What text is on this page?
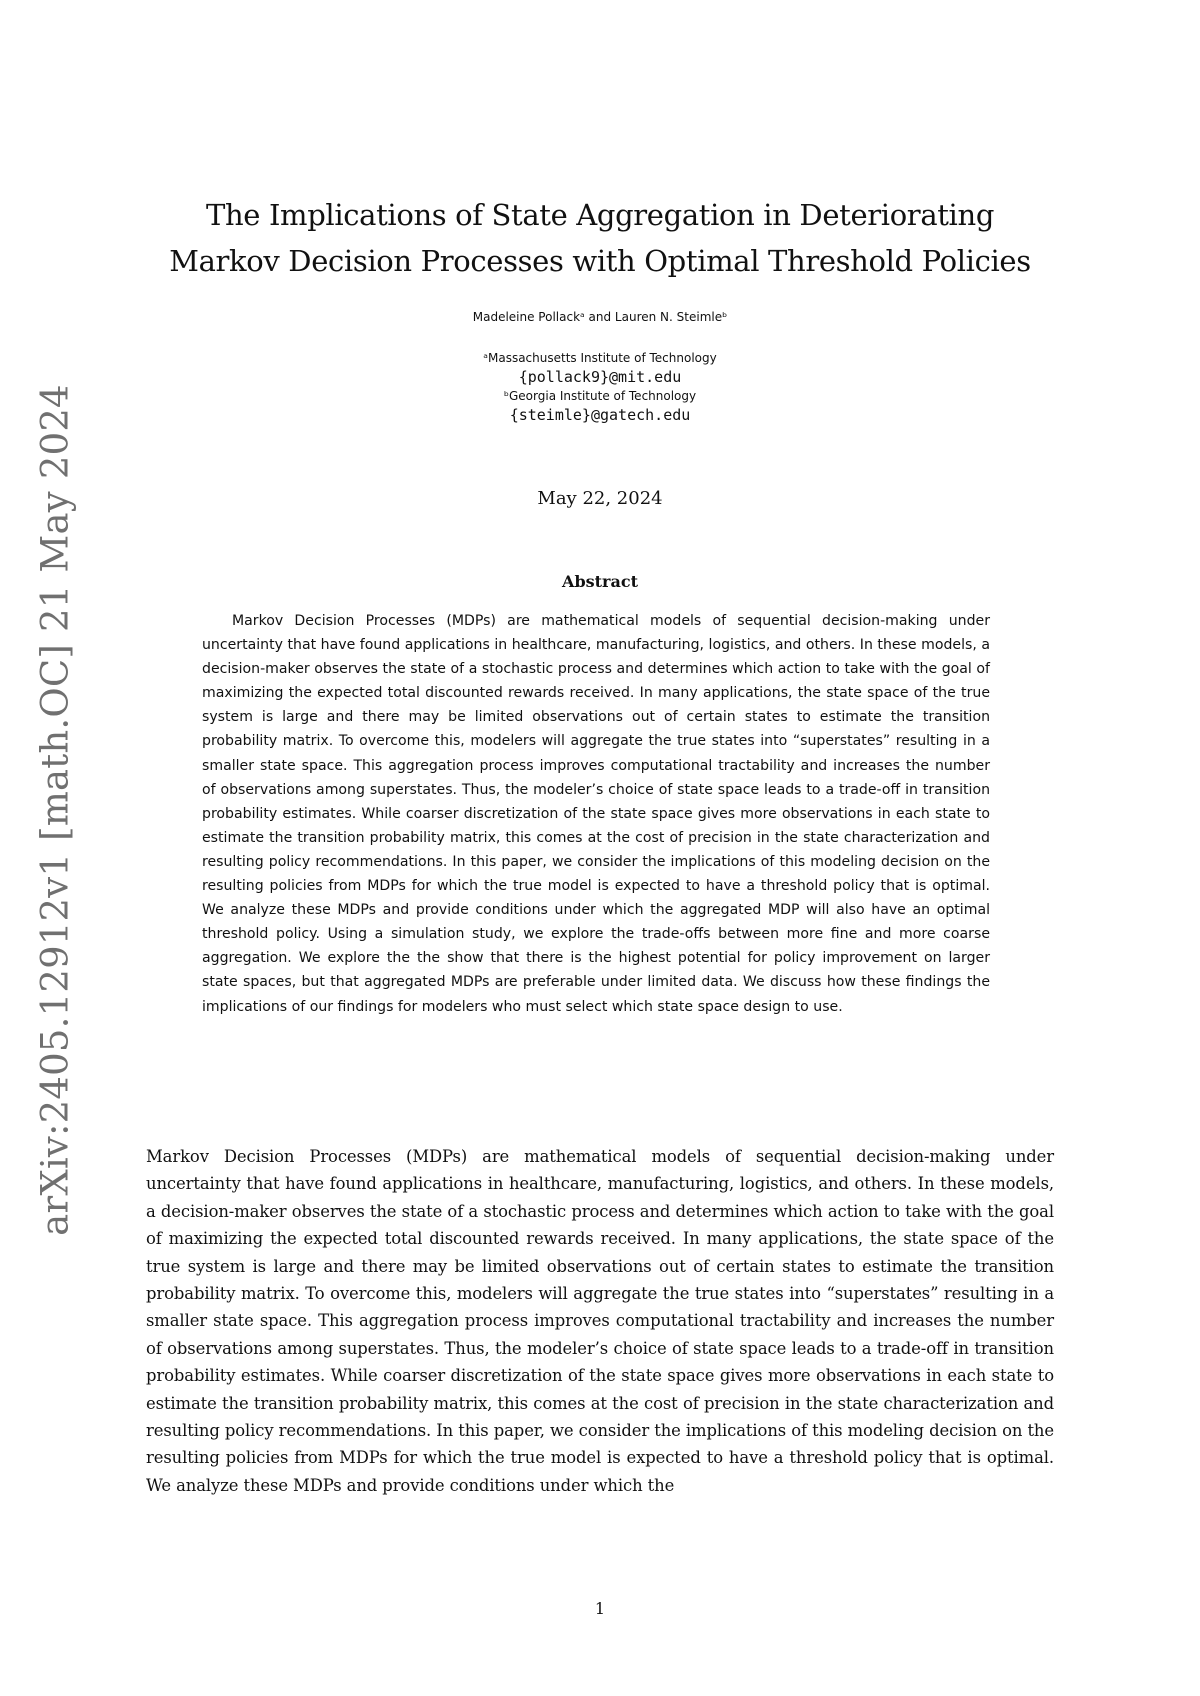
arXiv:2405.12912v1 [math.OC] 21 May 2024
The Implications of State Aggregation in Deteriorating
Markov Decision Processes with Optimal Threshold Policies
Madeleine Pollackᵃ and Lauren N. Steimleᵇ
ᵃMassachusetts Institute of Technology
{pollack9}@mit.edu
ᵇGeorgia Institute of Technology
{steimle}@gatech.edu
May 22, 2024
Abstract

Markov Decision Processes (MDPs) are mathematical models of sequential decision-making under uncertainty that have found applications in healthcare, manufacturing, logistics, and others. In these models, a decision-maker observes the state of a stochastic process and determines which action to take with the goal of maximizing the expected total discounted rewards received. In many applications, the state space of the true system is large and there may be limited observations out of certain states to estimate the transition probability matrix. To overcome this, modelers will aggregate the true states into “superstates” resulting in a smaller state space. This aggregation process improves computational tractability and increases the number of observations among superstates. Thus, the modeler’s choice of state space leads to a trade-off in transition probability estimates. While coarser discretization of the state space gives more observations in each state to estimate the transition probability matrix, this comes at the cost of precision in the state characterization and resulting policy recommendations. In this paper, we consider the implications of this modeling decision on the resulting policies from MDPs for which the true model is expected to have a threshold policy that is optimal. We analyze these MDPs and provide conditions under which the aggregated MDP will also have an optimal threshold policy. Using a simulation study, we explore the trade-offs between more fine and more coarse aggregation. We explore the the show that there is the highest potential for policy improvement on larger state spaces, but that aggregated MDPs are preferable under limited data. We discuss how these findings the implications of our findings for modelers who must select which state space design to use.

Markov Decision Processes (MDPs) are mathematical models of sequential decision-making under uncertainty that have found applications in healthcare, manufacturing, logistics, and others. In these models, a decision-maker observes the state of a stochastic process and determines which action to take with the goal of maximizing the expected total discounted rewards received. In many applications, the state space of the true system is large and there may be limited observations out of certain states to estimate the transition probability matrix. To overcome this, modelers will aggregate the true states into “superstates” resulting in a smaller state space. This aggregation process improves computational tractability and increases the number of observations among superstates. Thus, the modeler’s choice of state space leads to a trade-off in transition probability estimates. While coarser discretization of the state space gives more observations in each state to estimate the transition probability matrix, this comes at the cost of precision in the state characterization and resulting policy recommendations. In this paper, we consider the implications of this modeling decision on the resulting policies from MDPs for which the true model is expected to have a threshold policy that is optimal. We analyze these MDPs and provide conditions under which the

1
